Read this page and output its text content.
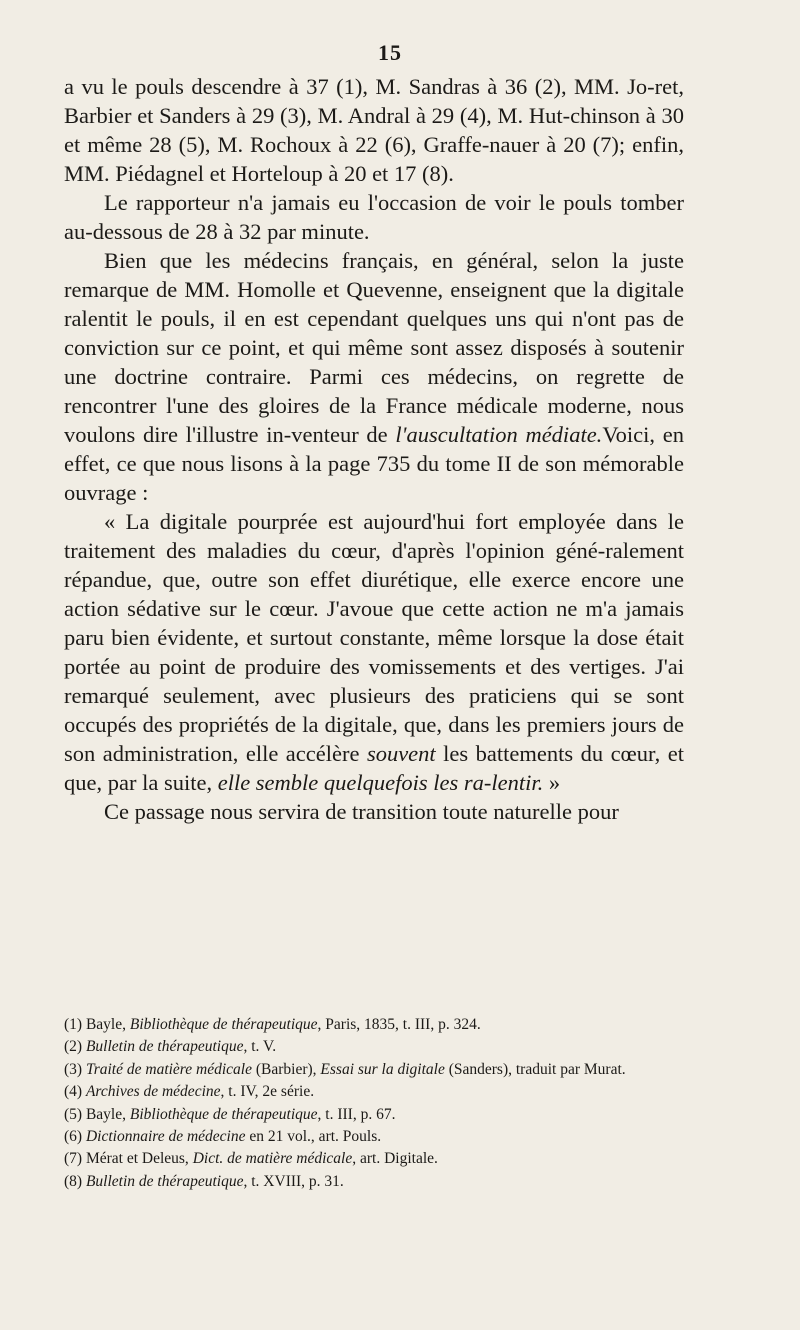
15

a vu le pouls descendre à 37 (1), M. Sandras à 36 (2), MM. Jo-ret, Barbier et Sanders à 29 (3), M. Andral à 29 (4), M. Hut-chinson à 30 et même 28 (5), M. Rochoux à 22 (6), Graffe-nauer à 20 (7); enfin, MM. Piédagnel et Horteloup à 20 et 17 (8).

Le rapporteur n'a jamais eu l'occasion de voir le pouls tomber au-dessous de 28 à 32 par minute.

Bien que les médecins français, en général, selon la juste remarque de MM. Homolle et Quevenne, enseignent que la digitale ralentit le pouls, il en est cependant quelques uns qui n'ont pas de conviction sur ce point, et qui même sont assez disposés à soutenir une doctrine contraire. Parmi ces médecins, on regrette de rencontrer l'une des gloires de la France médicale moderne, nous voulons dire l'illustre in-venteur de l'auscultation médiate.Voici, en effet, ce que nous lisons à la page 735 du tome II de son mémorable ouvrage :

« La digitale pourprée est aujourd'hui fort employée dans le traitement des maladies du cœur, d'après l'opinion géné-ralement répandue, que, outre son effet diurétique, elle exerce encore une action sédative sur le cœur. J'avoue que cette action ne m'a jamais paru bien évidente, et surtout constante, même lorsque la dose était portée au point de produire des vomissements et des vertiges. J'ai remarqué seulement, avec plusieurs des praticiens qui se sont occupés des propriétés de la digitale, que, dans les premiers jours de son administration, elle accélère souvent les battements du cœur, et que, par la suite, elle semble quelquefois les ra-lentir. »

Ce passage nous servira de transition toute naturelle pour

(1) Bayle, Bibliothèque de thérapeutique, Paris, 1835, t. III, p. 324.

(2) Bulletin de thérapeutique, t. V.

(3) Traité de matière médicale (Barbier), Essai sur la digitale (Sanders), traduit par Murat.

(4) Archives de médecine, t. IV, 2e série.

(5) Bayle, Bibliothèque de thérapeutique, t. III, p. 67.

(6) Dictionnaire de médecine en 21 vol., art. Pouls.

(7) Mérat et Deleus, Dict. de matière médicale, art. Digitale.

(8) Bulletin de thérapeutique, t. XVIII, p. 31.
